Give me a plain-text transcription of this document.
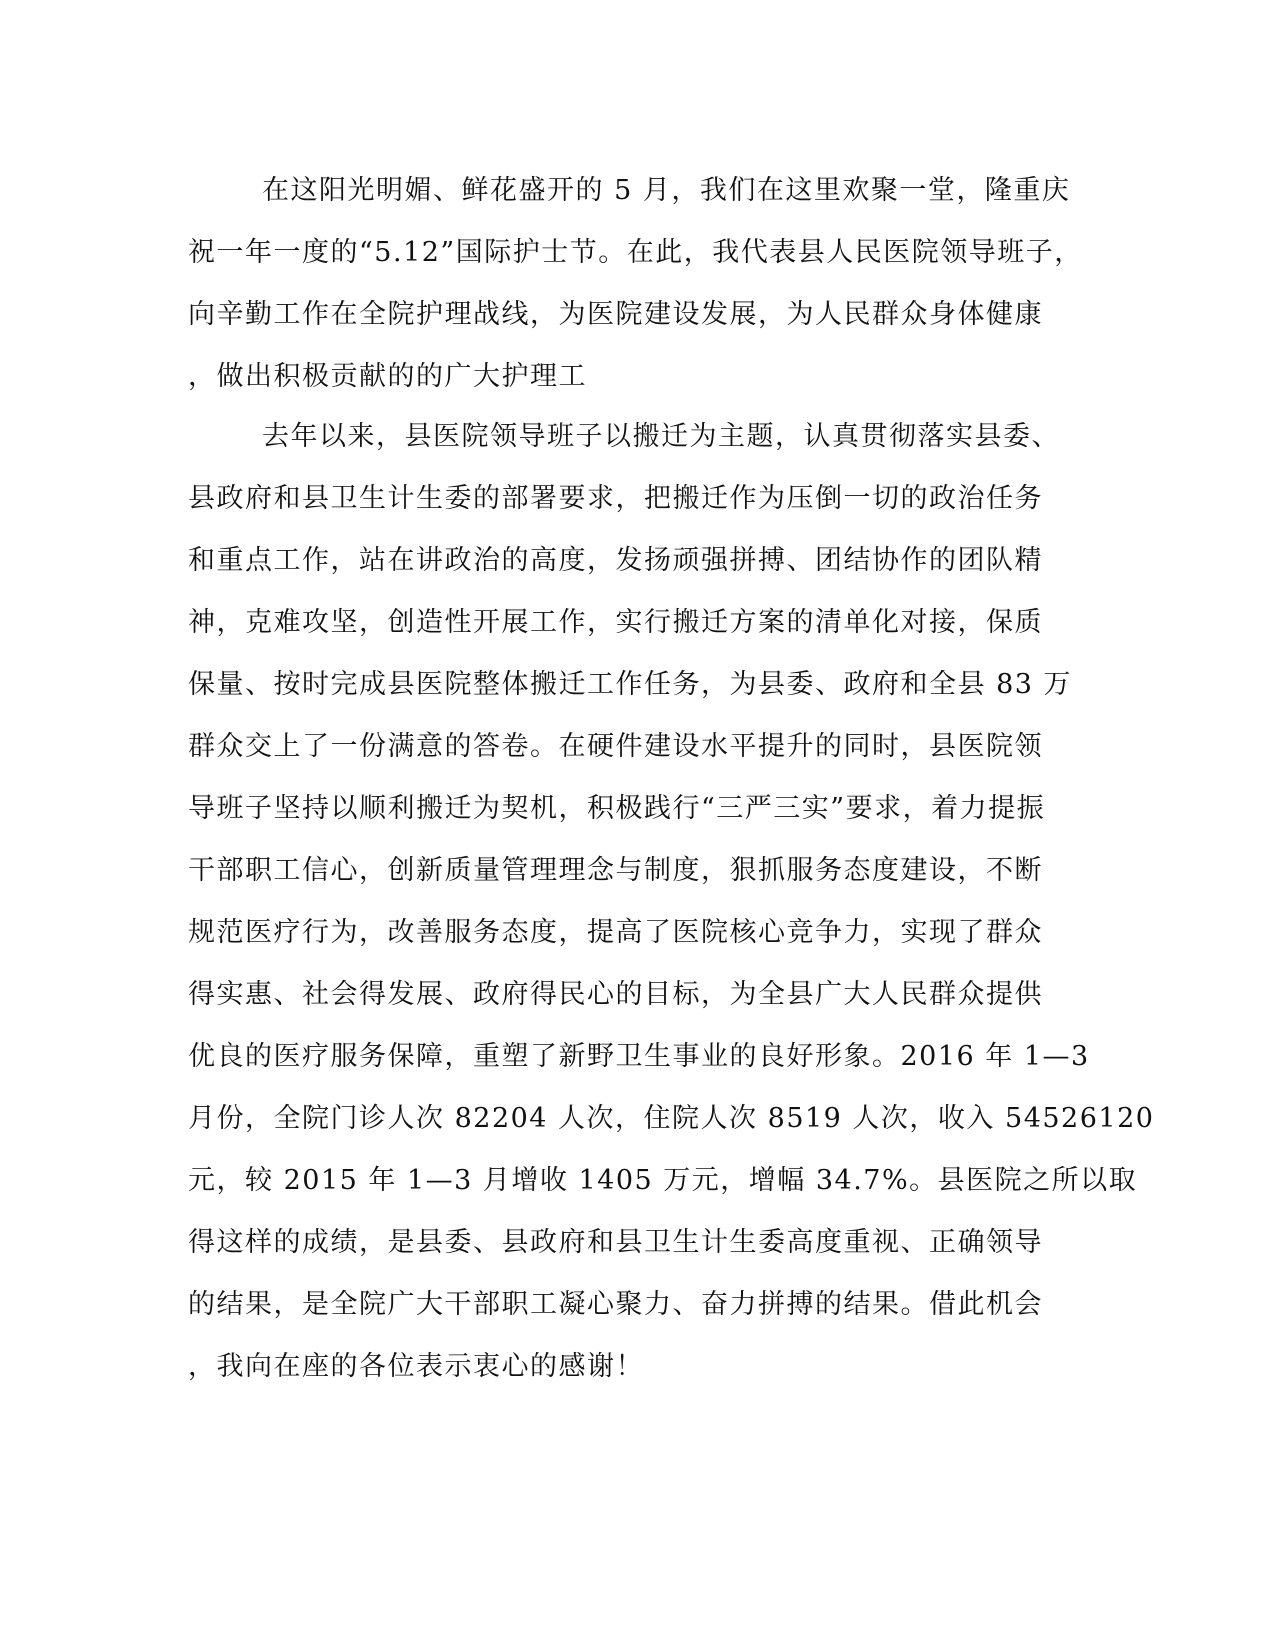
在这阳光明媚、鲜花盛开的 5 月，我们在这里欢聚一堂，隆重庆
祝一年一度的“5.12”国际护士节。在此，我代表县人民医院领导班子，
向辛勤工作在全院护理战线，为医院建设发展，为人民群众身体健康
，做出积极贡献的的广大护理工
去年以来，县医院领导班子以搬迁为主题，认真贯彻落实县委、
县政府和县卫生计生委的部署要求，把搬迁作为压倒一切的政治任务
和重点工作，站在讲政治的高度，发扬顽强拼搏、团结协作的团队精
神，克难攻坚，创造性开展工作，实行搬迁方案的清单化对接，保质
保量、按时完成县医院整体搬迁工作任务，为县委、政府和全县 83 万
群众交上了一份满意的答卷。在硬件建设水平提升的同时，县医院领
导班子坚持以顺利搬迁为契机，积极践行“三严三实”要求，着力提振
干部职工信心，创新质量管理理念与制度，狠抓服务态度建设，不断
规范医疗行为，改善服务态度，提高了医院核心竞争力，实现了群众
得实惠、社会得发展、政府得民心的目标，为全县广大人民群众提供
优良的医疗服务保障，重塑了新野卫生事业的良好形象。2016 年 1—3
月份，全院门诊人次 82204 人次，住院人次 8519 人次，收入 54526120
元，较 2015 年 1—3 月增收 1405 万元，增幅 34.7%。县医院之所以取
得这样的成绩，是县委、县政府和县卫生计生委高度重视、正确领导
的结果，是全院广大干部职工凝心聚力、奋力拼搏的结果。借此机会
，我向在座的各位表示衷心的感谢！
